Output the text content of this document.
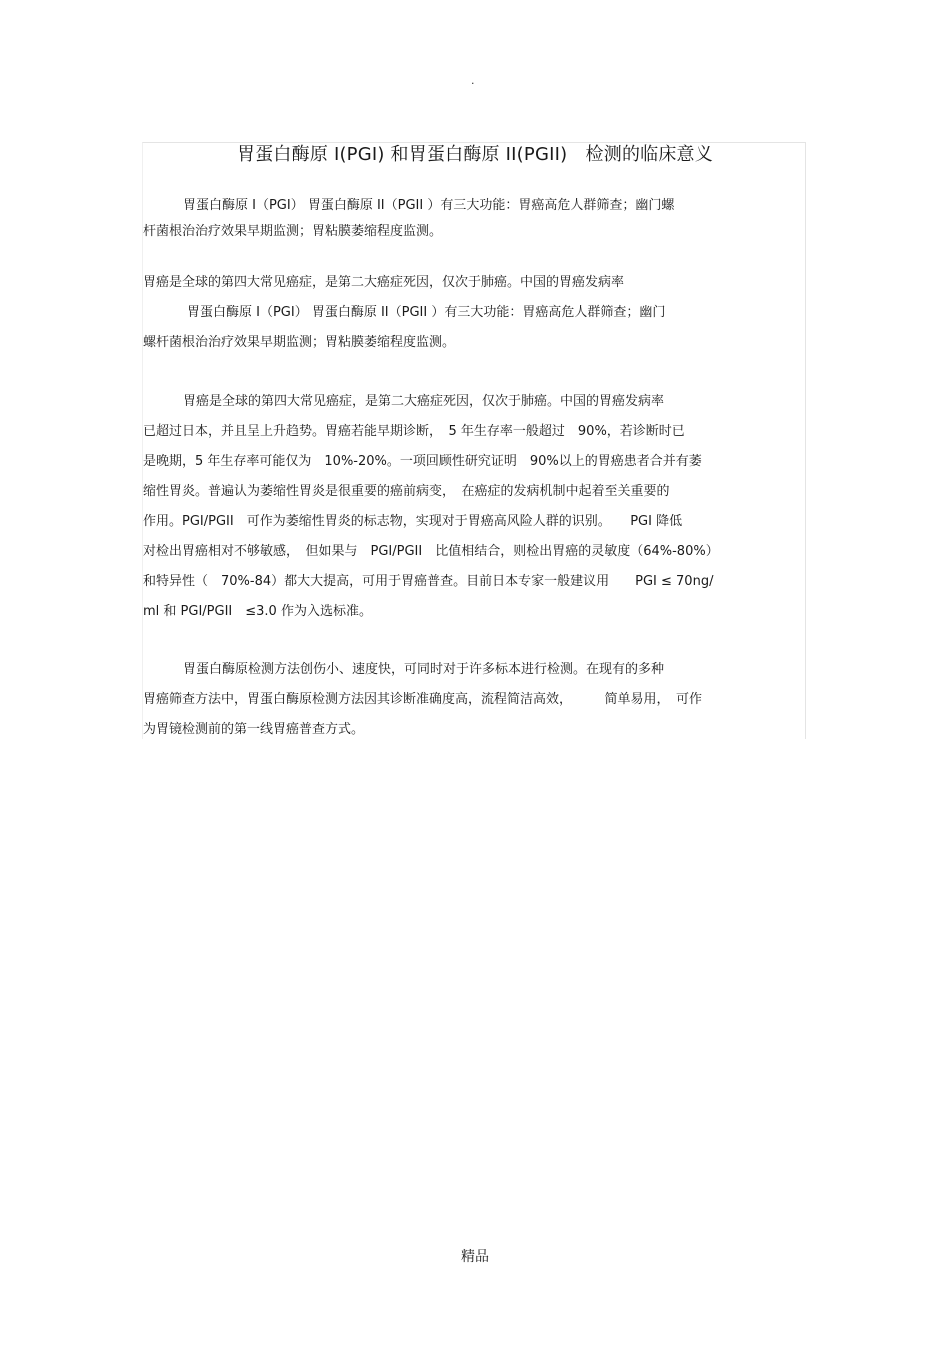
.
胃蛋白酶原 I(PGI) 和胃蛋白酶原 II(PGII)　检测的临床意义
胃蛋白酶原 I（PGI） 胃蛋白酶原 II（PGII ）有三大功能：胃癌高危人群筛查；幽门螺
杆菌根治治疗效果早期监测；胃粘膜萎缩程度监测。
胃癌是全球的第四大常见癌症，是第二大癌症死因，仅次于肺癌。中国的胃癌发病率
胃蛋白酶原 I（PGI） 胃蛋白酶原 II（PGII ）有三大功能：胃癌高危人群筛查；幽门
螺杆菌根治治疗效果早期监测；胃粘膜萎缩程度监测。
胃癌是全球的第四大常见癌症，是第二大癌症死因，仅次于肺癌。中国的胃癌发病率
已超过日本，并且呈上升趋势。胃癌若能早期诊断，　5 年生存率一般超过　90%，若诊断时已
是晚期，5 年生存率可能仅为　10%-20%。一项回顾性研究证明　90%以上的胃癌患者合并有萎
缩性胃炎。普遍认为萎缩性胃炎是很重要的癌前病变，　在癌症的发病机制中起着至关重要的
作用。PGI/PGII　可作为萎缩性胃炎的标志物，实现对于胃癌高风险人群的识别。　　PGI 降低
对检出胃癌相对不够敏感，　但如果与　PGI/PGII　比值相结合，则检出胃癌的灵敏度（64%-80%）
和特异性（　70%-84）都大大提高，可用于胃癌普查。目前日本专家一般建议用　　PGI ≤ 70ng/
ml 和 PGI/PGII　≤3.0 作为入选标准。
胃蛋白酶原检测方法创伤小、速度快，可同时对于许多标本进行检测。在现有的多种
胃癌筛查方法中，胃蛋白酶原检测方法因其诊断准确度高，流程简洁高效，　　　简单易用，　可作
为胃镜检测前的第一线胃癌普查方式。
精品
